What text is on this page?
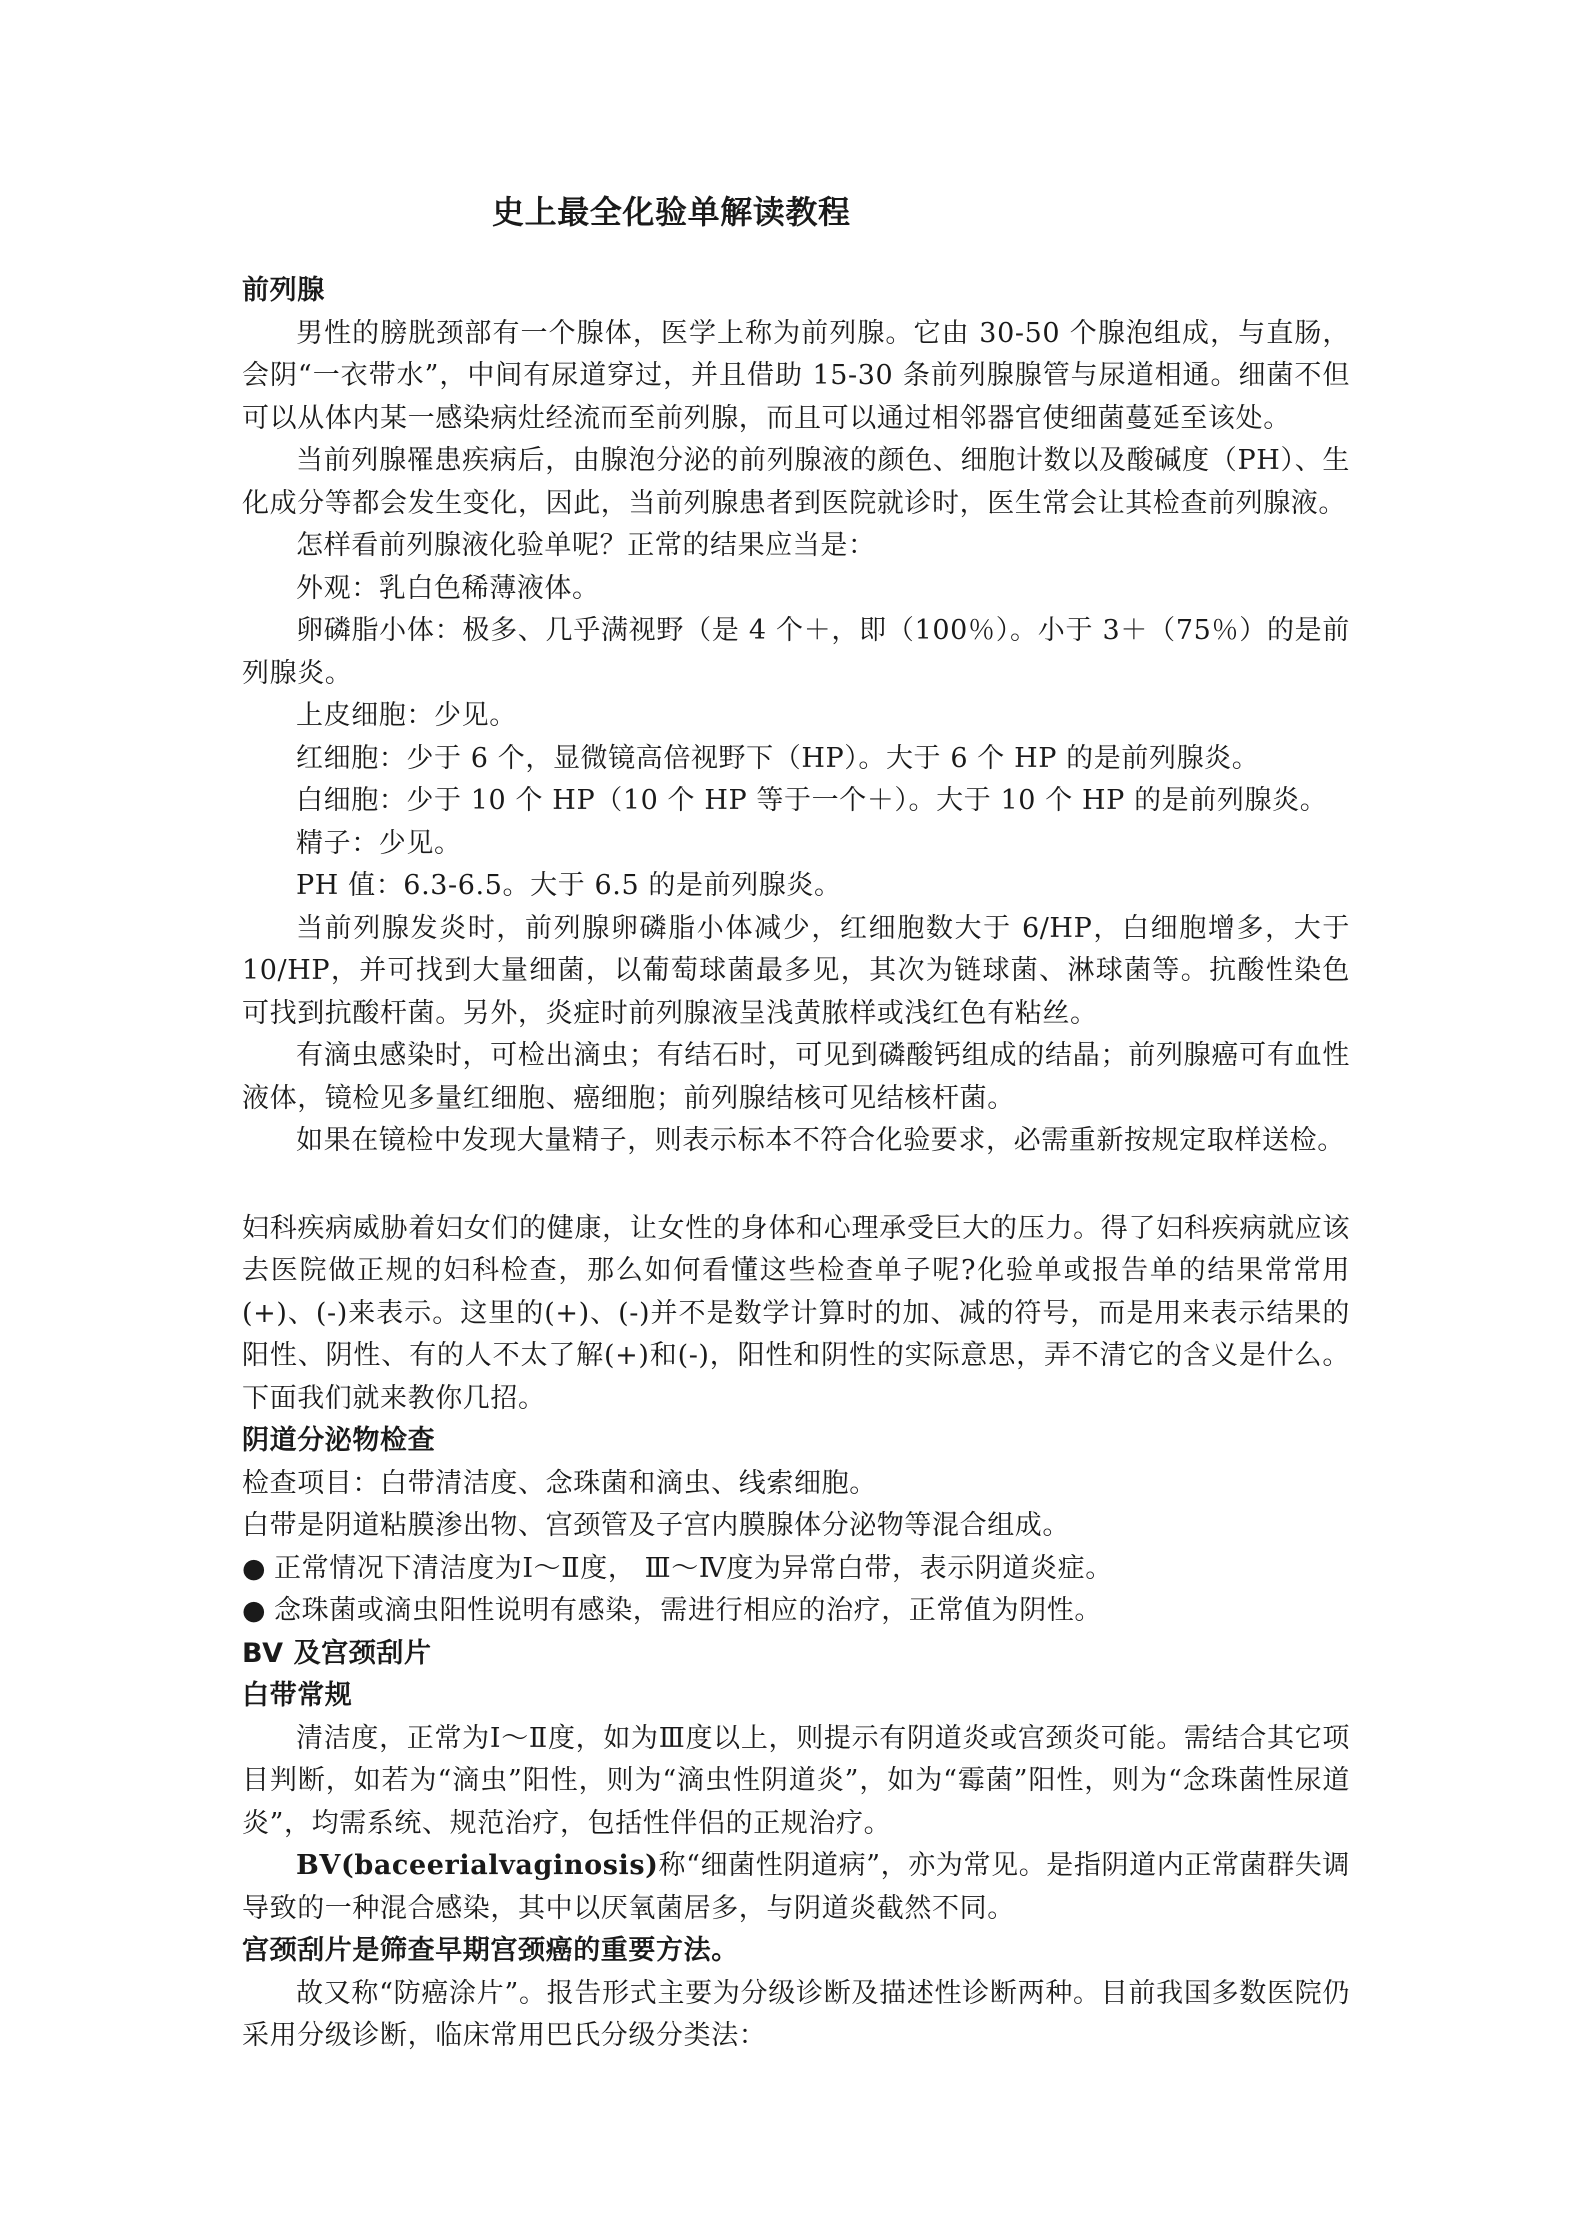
史上最全化验单解读教程

前列腺

男性的膀胱颈部有一个腺体，医学上称为前列腺。它由 30-50 个腺泡组成，与直肠，会阴“一衣带水”，中间有尿道穿过，并且借助 15-30 条前列腺腺管与尿道相通。细菌不但可以从体内某一感染病灶经流而至前列腺，而且可以通过相邻器官使细菌蔓延至该处。

当前列腺罹患疾病后，由腺泡分泌的前列腺液的颜色、细胞计数以及酸碱度（PH）、生化成分等都会发生变化，因此，当前列腺患者到医院就诊时，医生常会让其检查前列腺液。

怎样看前列腺液化验单呢？正常的结果应当是：

外观：乳白色稀薄液体。

卵磷脂小体：极多、几乎满视野（是 4 个＋，即（100％）。小于 3＋（75％）的是前列腺炎。

上皮细胞：少见。

红细胞：少于 6 个，显微镜高倍视野下（HP）。大于 6 个 HP 的是前列腺炎。

白细胞：少于 10 个 HP（10 个 HP 等于一个＋）。大于 10 个 HP 的是前列腺炎。

精子：少见。

PH 值：6.3-6.5。大于 6.5 的是前列腺炎。

当前列腺发炎时，前列腺卵磷脂小体减少，红细胞数大于 6/HP，白细胞增多，大于 10/HP，并可找到大量细菌，以葡萄球菌最多见，其次为链球菌、淋球菌等。抗酸性染色可找到抗酸杆菌。另外，炎症时前列腺液呈浅黄脓样或浅红色有粘丝。

有滴虫感染时，可检出滴虫；有结石时，可见到磷酸钙组成的结晶；前列腺癌可有血性液体，镜检见多量红细胞、癌细胞；前列腺结核可见结核杆菌。

如果在镜检中发现大量精子，则表示标本不符合化验要求，必需重新按规定取样送检。

妇科疾病威胁着妇女们的健康，让女性的身体和心理承受巨大的压力。得了妇科疾病就应该去医院做正规的妇科检查，那么如何看懂这些检查单子呢?化验单或报告单的结果常常用(+)、(-)来表示。这里的(+)、(-)并不是数学计算时的加、减的符号，而是用来表示结果的阳性、阴性、有的人不太了解(+)和(-)，阳性和阴性的实际意思，弄不清它的含义是什么。下面我们就来教你几招。

阴道分泌物检查

检查项目：白带清洁度、念珠菌和滴虫、线索细胞。

白带是阴道粘膜渗出物、宫颈管及子宫内膜腺体分泌物等混合组成。

● 正常情况下清洁度为Ⅰ～Ⅱ度， Ⅲ～Ⅳ度为异常白带，表示阴道炎症。

● 念珠菌或滴虫阳性说明有感染，需进行相应的治疗，正常值为阴性。

BV 及宫颈刮片

白带常规

清洁度，正常为Ⅰ～Ⅱ度，如为Ⅲ度以上，则提示有阴道炎或宫颈炎可能。需结合其它项目判断，如若为“滴虫”阳性，则为“滴虫性阴道炎”，如为“霉菌”阳性，则为“念珠菌性尿道炎”，均需系统、规范治疗，包括性伴侣的正规治疗。

BV(baceerialvaginosis)称“细菌性阴道病”，亦为常见。是指阴道内正常菌群失调导致的一种混合感染，其中以厌氧菌居多，与阴道炎截然不同。

宫颈刮片是筛查早期宫颈癌的重要方法。

故又称“防癌涂片”。报告形式主要为分级诊断及描述性诊断两种。目前我国多数医院仍采用分级诊断，临床常用巴氏分级分类法：
